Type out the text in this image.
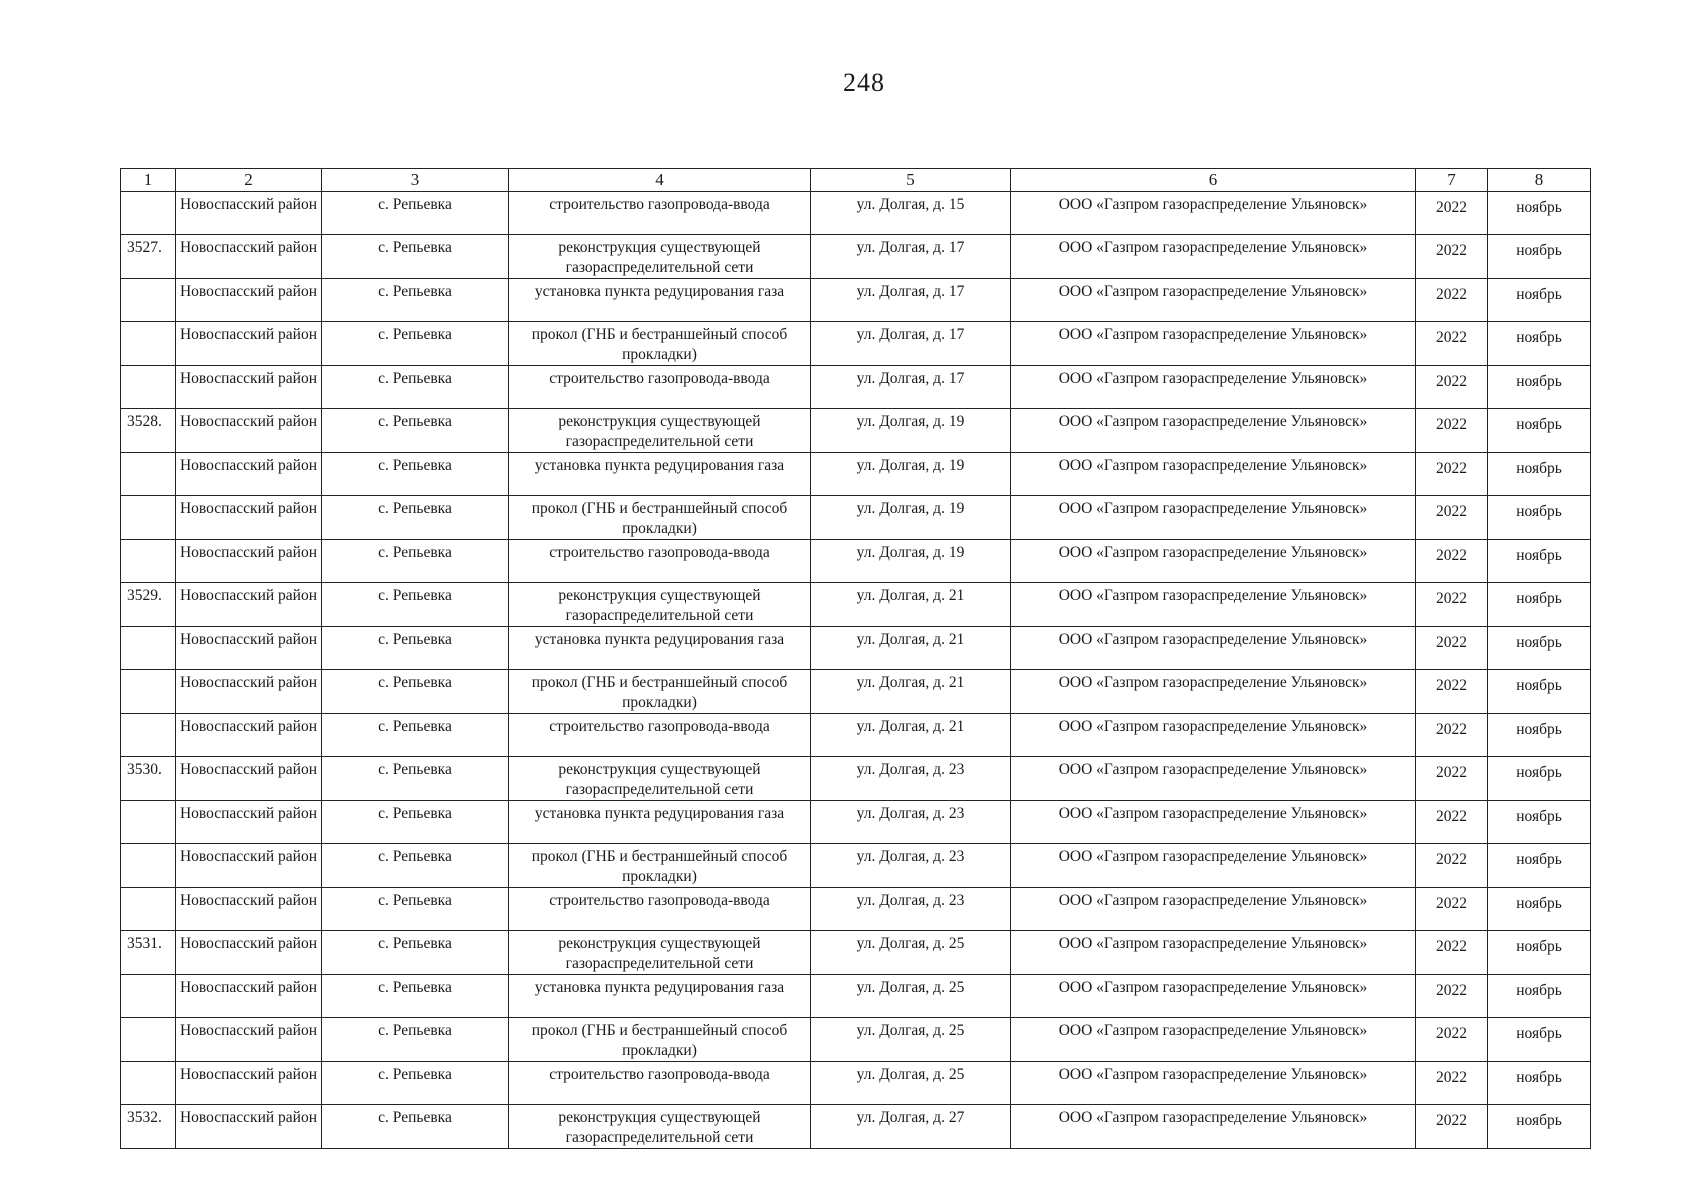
248
1	2	3	4	5	6	7	8
	Новоспасский район	с. Репьевка	строительство газопровода-ввода	ул. Долгая, д. 15	ООО «Газпром газораспределение Ульяновск»	2022	ноябрь
3527.	Новоспасский район	с. Репьевка	реконструкция существующей газораспределительной сети	ул. Долгая, д. 17	ООО «Газпром газораспределение Ульяновск»	2022	ноябрь
	Новоспасский район	с. Репьевка	установка пункта редуцирования газа	ул. Долгая, д. 17	ООО «Газпром газораспределение Ульяновск»	2022	ноябрь
	Новоспасский район	с. Репьевка	прокол (ГНБ и бестраншейный способ прокладки)	ул. Долгая, д. 17	ООО «Газпром газораспределение Ульяновск»	2022	ноябрь
	Новоспасский район	с. Репьевка	строительство газопровода-ввода	ул. Долгая, д. 17	ООО «Газпром газораспределение Ульяновск»	2022	ноябрь
3528.	Новоспасский район	с. Репьевка	реконструкция существующей газораспределительной сети	ул. Долгая, д. 19	ООО «Газпром газораспределение Ульяновск»	2022	ноябрь
	Новоспасский район	с. Репьевка	установка пункта редуцирования газа	ул. Долгая, д. 19	ООО «Газпром газораспределение Ульяновск»	2022	ноябрь
	Новоспасский район	с. Репьевка	прокол (ГНБ и бестраншейный способ прокладки)	ул. Долгая, д. 19	ООО «Газпром газораспределение Ульяновск»	2022	ноябрь
	Новоспасский район	с. Репьевка	строительство газопровода-ввода	ул. Долгая, д. 19	ООО «Газпром газораспределение Ульяновск»	2022	ноябрь
3529.	Новоспасский район	с. Репьевка	реконструкция существующей газораспределительной сети	ул. Долгая, д. 21	ООО «Газпром газораспределение Ульяновск»	2022	ноябрь
	Новоспасский район	с. Репьевка	установка пункта редуцирования газа	ул. Долгая, д. 21	ООО «Газпром газораспределение Ульяновск»	2022	ноябрь
	Новоспасский район	с. Репьевка	прокол (ГНБ и бестраншейный способ прокладки)	ул. Долгая, д. 21	ООО «Газпром газораспределение Ульяновск»	2022	ноябрь
	Новоспасский район	с. Репьевка	строительство газопровода-ввода	ул. Долгая, д. 21	ООО «Газпром газораспределение Ульяновск»	2022	ноябрь
3530.	Новоспасский район	с. Репьевка	реконструкция существующей газораспределительной сети	ул. Долгая, д. 23	ООО «Газпром газораспределение Ульяновск»	2022	ноябрь
	Новоспасский район	с. Репьевка	установка пункта редуцирования газа	ул. Долгая, д. 23	ООО «Газпром газораспределение Ульяновск»	2022	ноябрь
	Новоспасский район	с. Репьевка	прокол (ГНБ и бестраншейный способ прокладки)	ул. Долгая, д. 23	ООО «Газпром газораспределение Ульяновск»	2022	ноябрь
	Новоспасский район	с. Репьевка	строительство газопровода-ввода	ул. Долгая, д. 23	ООО «Газпром газораспределение Ульяновск»	2022	ноябрь
3531.	Новоспасский район	с. Репьевка	реконструкция существующей газораспределительной сети	ул. Долгая, д. 25	ООО «Газпром газораспределение Ульяновск»	2022	ноябрь
	Новоспасский район	с. Репьевка	установка пункта редуцирования газа	ул. Долгая, д. 25	ООО «Газпром газораспределение Ульяновск»	2022	ноябрь
	Новоспасский район	с. Репьевка	прокол (ГНБ и бестраншейный способ прокладки)	ул. Долгая, д. 25	ООО «Газпром газораспределение Ульяновск»	2022	ноябрь
	Новоспасский район	с. Репьевка	строительство газопровода-ввода	ул. Долгая, д. 25	ООО «Газпром газораспределение Ульяновск»	2022	ноябрь
3532.	Новоспасский район	с. Репьевка	реконструкция существующей газораспределительной сети	ул. Долгая, д. 27	ООО «Газпром газораспределение Ульяновск»	2022	ноябрь
